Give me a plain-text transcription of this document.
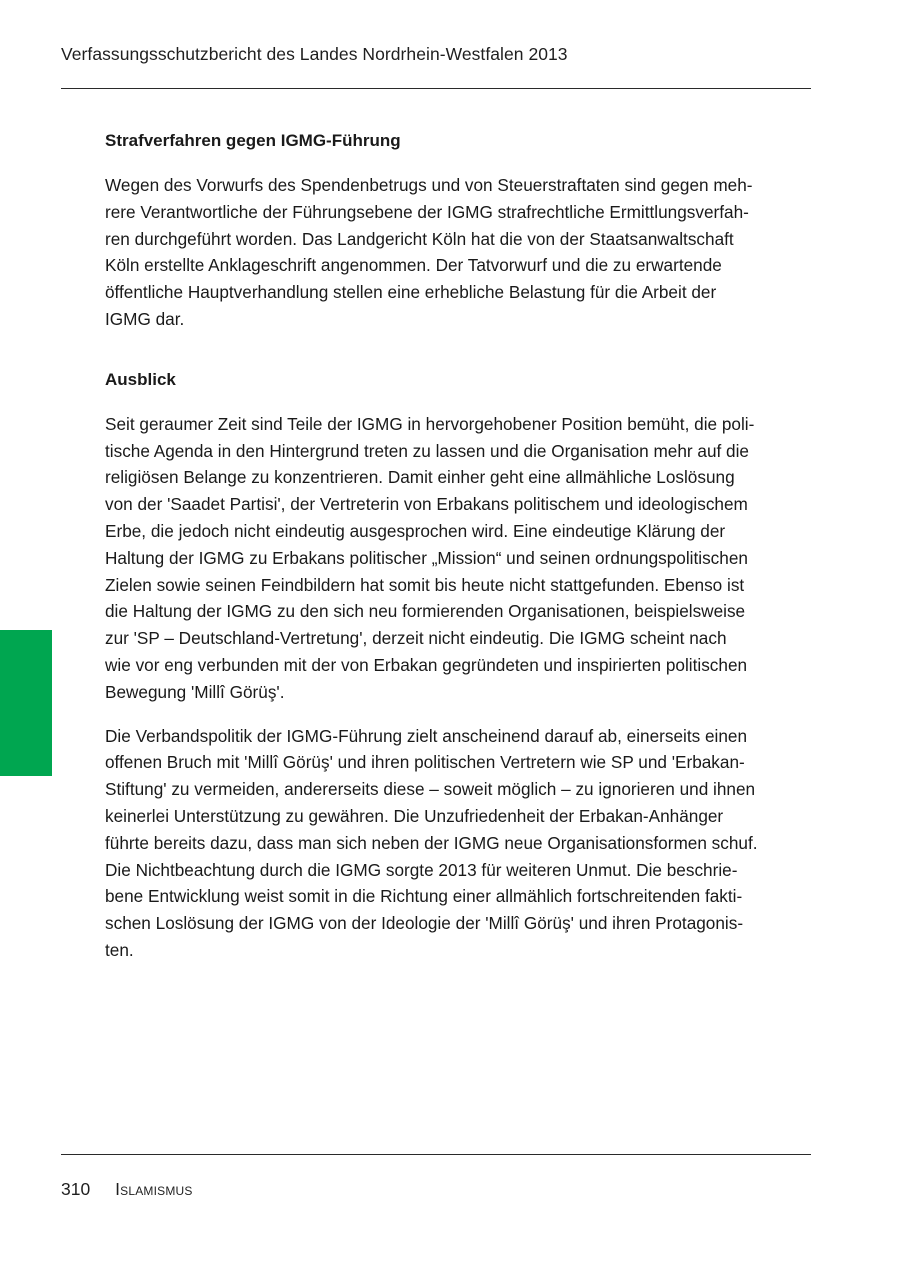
Verfassungsschutzbericht des Landes Nordrhein-Westfalen 2013
Strafverfahren gegen IGMG-Führung

Wegen des Vorwurfs des Spendenbetrugs und von Steuerstraftaten sind gegen meh-
rere Verantwortliche der Führungsebene der IGMG strafrechtliche Ermittlungsverfah-
ren durchgeführt worden. Das Landgericht Köln hat die von der Staatsanwaltschaft
Köln erstellte Anklageschrift angenommen. Der Tatvorwurf und die zu erwartende
öffentliche Hauptverhandlung stellen eine erhebliche Belastung für die Arbeit der
IGMG dar.

Ausblick

Seit geraumer Zeit sind Teile der IGMG in hervorgehobener Position bemüht, die poli-
tische Agenda in den Hintergrund treten zu lassen und die Organisation mehr auf die
religiösen Belange zu konzentrieren. Damit einher geht eine allmähliche Loslösung
von der 'Saadet Partisi', der Vertreterin von Erbakans politischem und ideologischem
Erbe, die jedoch nicht eindeutig ausgesprochen wird. Eine eindeutige Klärung der
Haltung der IGMG zu Erbakans politischer „Mission“ und seinen ordnungspolitischen
Zielen sowie seinen Feindbildern hat somit bis heute nicht stattgefunden. Ebenso ist
die Haltung der IGMG zu den sich neu formierenden Organisationen, beispielsweise
zur 'SP – Deutschland-Vertretung', derzeit nicht eindeutig. Die IGMG scheint nach
wie vor eng verbunden mit der von Erbakan gegründeten und inspirierten politischen
Bewegung 'Millî Görüş'.

Die Verbandspolitik der IGMG-Führung zielt anscheinend darauf ab, einerseits einen
offenen Bruch mit 'Millî Görüş' und ihren politischen Vertretern wie SP und 'Erbakan-
Stiftung' zu vermeiden, andererseits diese – soweit möglich – zu ignorieren und ihnen
keinerlei Unterstützung zu gewähren. Die Unzufriedenheit der Erbakan-Anhänger
führte bereits dazu, dass man sich neben der IGMG neue Organisationsformen schuf.
Die Nichtbeachtung durch die IGMG sorgte 2013 für weiteren Unmut. Die beschrie-
bene Entwicklung weist somit in die Richtung einer allmählich fortschreitenden fakti-
schen Loslösung der IGMG von der Ideologie der 'Millî Görüş' und ihren Protagonis-
ten.

310 Islamismus
